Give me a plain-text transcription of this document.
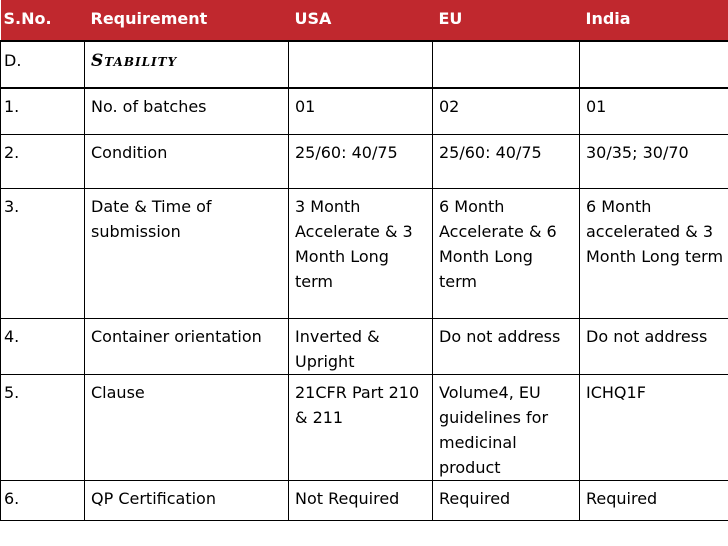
S.No.	Requirement	USA	EU	India
D.	Stability			
1.	No. of batches	01	02	01
2.	Condition	25/60: 40/75	25/60: 40/75	30/35; 30/70
3.	Date & Time of submission	3 Month Accelerate & 3 Month Long term	6 Month Accelerate & 6 Month Long term	6 Month accelerated & 3 Month Long term
4.	Container orientation	Inverted & Upright	Do not address	Do not address
5.	Clause	21CFR Part 210 & 211	Volume4, EU guidelines for medicinal product	ICHQ1F
6.	QP Certification	Not Required	Required	Required
